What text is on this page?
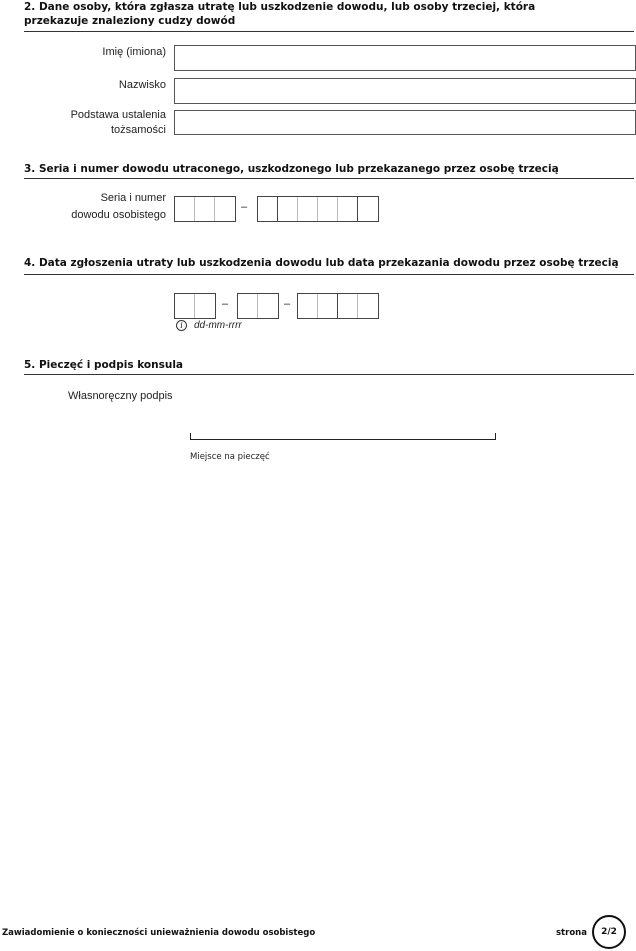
2. Dane osoby, która zgłasza utratę lub uszkodzenie dowodu, lub osoby trzeciej, która przekazuje znaleziony cudzy dowód
Imię (imiona)
Nazwisko
Podstawa ustalenia
tożsamości
3. Seria i numer dowodu utraconego, uszkodzonego lub przekazanego przez osobę trzecią
Seria i numer
dowodu osobistego
–
4. Data zgłoszenia utraty lub uszkodzenia dowodu lub data przekazania dowodu przez osobę trzecią
–	–
i	dd-mm-rrrr
5. Pieczęć i podpis konsula
Własnoręczny podpis
Miejsce na pieczęć
Zawiadomienie o konieczności unieważnienia dowodu osobistego	strona	2/2
